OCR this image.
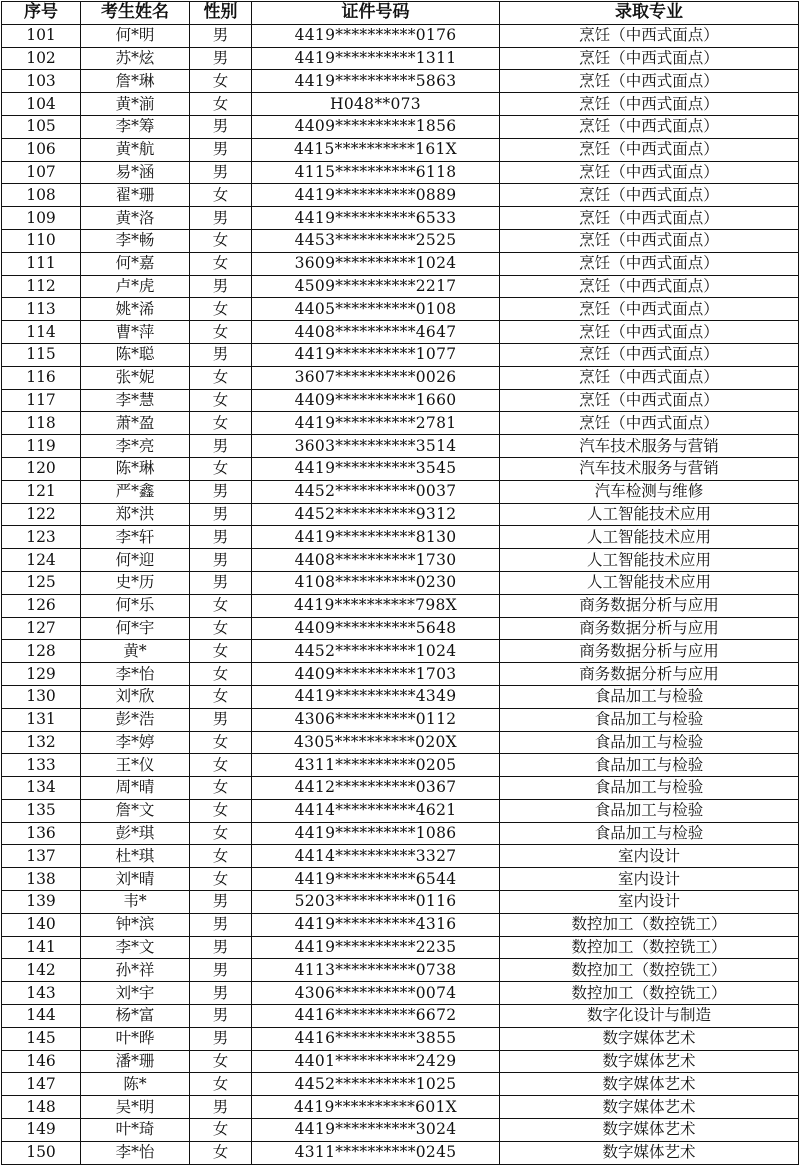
序号	考生姓名	性别	证件号码	录取专业
101	何*明	男	4419**********0176	烹饪（中西式面点）
102	苏*炫	男	4419**********1311	烹饪（中西式面点）
103	詹*琳	女	4419**********5863	烹饪（中西式面点）
104	黄*湔	女	H048**073	烹饪（中西式面点）
105	李*筹	男	4409**********1856	烹饪（中西式面点）
106	黄*航	男	4415**********161X	烹饪（中西式面点）
107	易*涵	男	4115**********6118	烹饪（中西式面点）
108	翟*珊	女	4419**********0889	烹饪（中西式面点）
109	黄*洛	男	4419**********6533	烹饪（中西式面点）
110	李*畅	女	4453**********2525	烹饪（中西式面点）
111	何*嘉	女	3609**********1024	烹饪（中西式面点）
112	卢*虎	男	4509**********2217	烹饪（中西式面点）
113	姚*浠	女	4405**********0108	烹饪（中西式面点）
114	曹*萍	女	4408**********4647	烹饪（中西式面点）
115	陈*聪	男	4419**********1077	烹饪（中西式面点）
116	张*妮	女	3607**********0026	烹饪（中西式面点）
117	李*慧	女	4409**********1660	烹饪（中西式面点）
118	萧*盈	女	4419**********2781	烹饪（中西式面点）
119	李*亮	男	3603**********3514	汽车技术服务与营销
120	陈*琳	女	4419**********3545	汽车技术服务与营销
121	严*鑫	男	4452**********0037	汽车检测与维修
122	郑*洪	男	4452**********9312	人工智能技术应用
123	李*轩	男	4419**********8130	人工智能技术应用
124	何*迎	男	4408**********1730	人工智能技术应用
125	史*历	男	4108**********0230	人工智能技术应用
126	何*乐	女	4419**********798X	商务数据分析与应用
127	何*宇	女	4409**********5648	商务数据分析与应用
128	黄*	女	4452**********1024	商务数据分析与应用
129	李*怡	女	4409**********1703	商务数据分析与应用
130	刘*欣	女	4419**********4349	食品加工与检验
131	彭*浩	男	4306**********0112	食品加工与检验
132	李*婷	女	4305**********020X	食品加工与检验
133	王*仪	女	4311**********0205	食品加工与检验
134	周*晴	女	4412**********0367	食品加工与检验
135	詹*文	女	4414**********4621	食品加工与检验
136	彭*琪	女	4419**********1086	食品加工与检验
137	杜*琪	女	4414**********3327	室内设计
138	刘*晴	女	4419**********6544	室内设计
139	韦*	男	5203**********0116	室内设计
140	钟*滨	男	4419**********4316	数控加工（数控铣工）
141	李*文	男	4419**********2235	数控加工（数控铣工）
142	孙*祥	男	4113**********0738	数控加工（数控铣工）
143	刘*宇	男	4306**********0074	数控加工（数控铣工）
144	杨*富	男	4416**********6672	数字化设计与制造
145	叶*晔	男	4416**********3855	数字媒体艺术
146	潘*珊	女	4401**********2429	数字媒体艺术
147	陈*	女	4452**********1025	数字媒体艺术
148	吴*明	男	4419**********601X	数字媒体艺术
149	叶*琦	女	4419**********3024	数字媒体艺术
150	李*怡	女	4311**********0245	数字媒体艺术
